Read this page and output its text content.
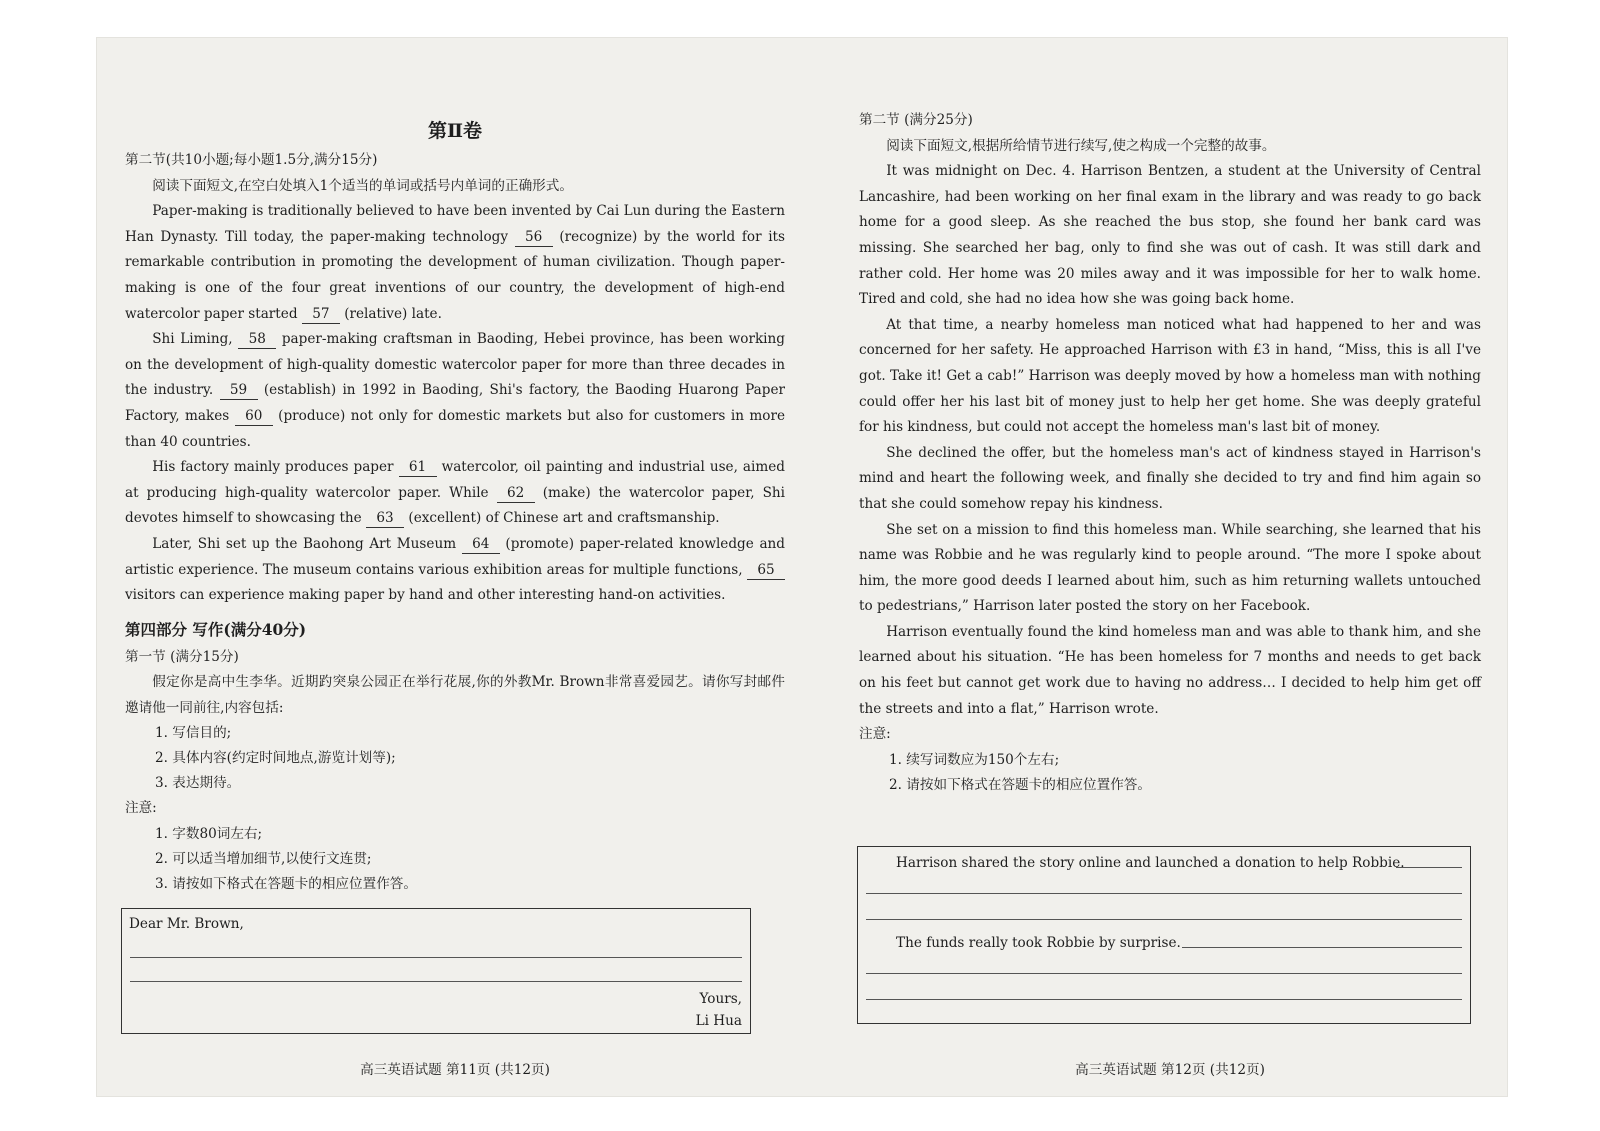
第Ⅱ卷
第二节(共10小题;每小题1.5分,满分15分)

阅读下面短文,在空白处填入1个适当的单词或括号内单词的正确形式。

Paper-making is traditionally believed to have been invented by Cai Lun during the Eastern Han Dynasty. Till today, the paper-making technology 56 (recognize) by the world for its remarkable contribution in promoting the development of human civilization. Though paper-making is one of the four great inventions of our country, the development of high-end watercolor paper started 57 (relative) late.

Shi Liming, 58 paper-making craftsman in Baoding, Hebei province, has been working on the development of high-quality domestic watercolor paper for more than three decades in the industry. 59 (establish) in 1992 in Baoding, Shi's factory, the Baoding Huarong Paper Factory, makes 60 (produce) not only for domestic markets but also for customers in more than 40 countries.

His factory mainly produces paper 61 watercolor, oil painting and industrial use, aimed at producing high-quality watercolor paper. While 62 (make) the watercolor paper, Shi devotes himself to showcasing the 63 (excellent) of Chinese art and craftsmanship.

Later, Shi set up the Baohong Art Museum 64 (promote) paper-related knowledge and artistic experience. The museum contains various exhibition areas for multiple functions, 65 visitors can experience making paper by hand and other interesting hand-on activities.

第四部分 写作(满分40分)
第一节 (满分15分)

假定你是高中生李华。近期趵突泉公园正在举行花展,你的外教Mr. Brown非常喜爱园艺。请你写封邮件邀请他一同前往,内容包括:

1. 写信目的;
2. 具体内容(约定时间地点,游览计划等);
3. 表达期待。
注意:
1. 字数80词左右;
2. 可以适当增加细节,以使行文连贯;
3. 请按如下格式在答题卡的相应位置作答。
Dear Mr. Brown,
Yours,
Li Hua
高三英语试题 第11页 (共12页)
第二节 (满分25分)

阅读下面短文,根据所给情节进行续写,使之构成一个完整的故事。

It was midnight on Dec. 4. Harrison Bentzen, a student at the University of Central Lancashire, had been working on her final exam in the library and was ready to go back home for a good sleep. As she reached the bus stop, she found her bank card was missing. She searched her bag, only to find she was out of cash. It was still dark and rather cold. Her home was 20 miles away and it was impossible for her to walk home. Tired and cold, she had no idea how she was going back home.

At that time, a nearby homeless man noticed what had happened to her and was concerned for her safety. He approached Harrison with £3 in hand, “Miss, this is all I've got. Take it! Get a cab!” Harrison was deeply moved by how a homeless man with nothing could offer her his last bit of money just to help her get home. She was deeply grateful for his kindness, but could not accept the homeless man's last bit of money.

She declined the offer, but the homeless man's act of kindness stayed in Harrison's mind and heart the following week, and finally she decided to try and find him again so that she could somehow repay his kindness.

She set on a mission to find this homeless man. While searching, she learned that his name was Robbie and he was regularly kind to people around. “The more I spoke about him, the more good deeds I learned about him, such as him returning wallets untouched to pedestrians,” Harrison later posted the story on her Facebook.

Harrison eventually found the kind homeless man and was able to thank him, and she learned about his situation. “He has been homeless for 7 months and needs to get back on his feet but cannot get work due to having no address… I decided to help him get off the streets and into a flat,” Harrison wrote.

注意:
1. 续写词数应为150个左右;
2. 请按如下格式在答题卡的相应位置作答。
Harrison shared the story online and launched a donation to help Robbie.
The funds really took Robbie by surprise.
高三英语试题 第12页 (共12页)
